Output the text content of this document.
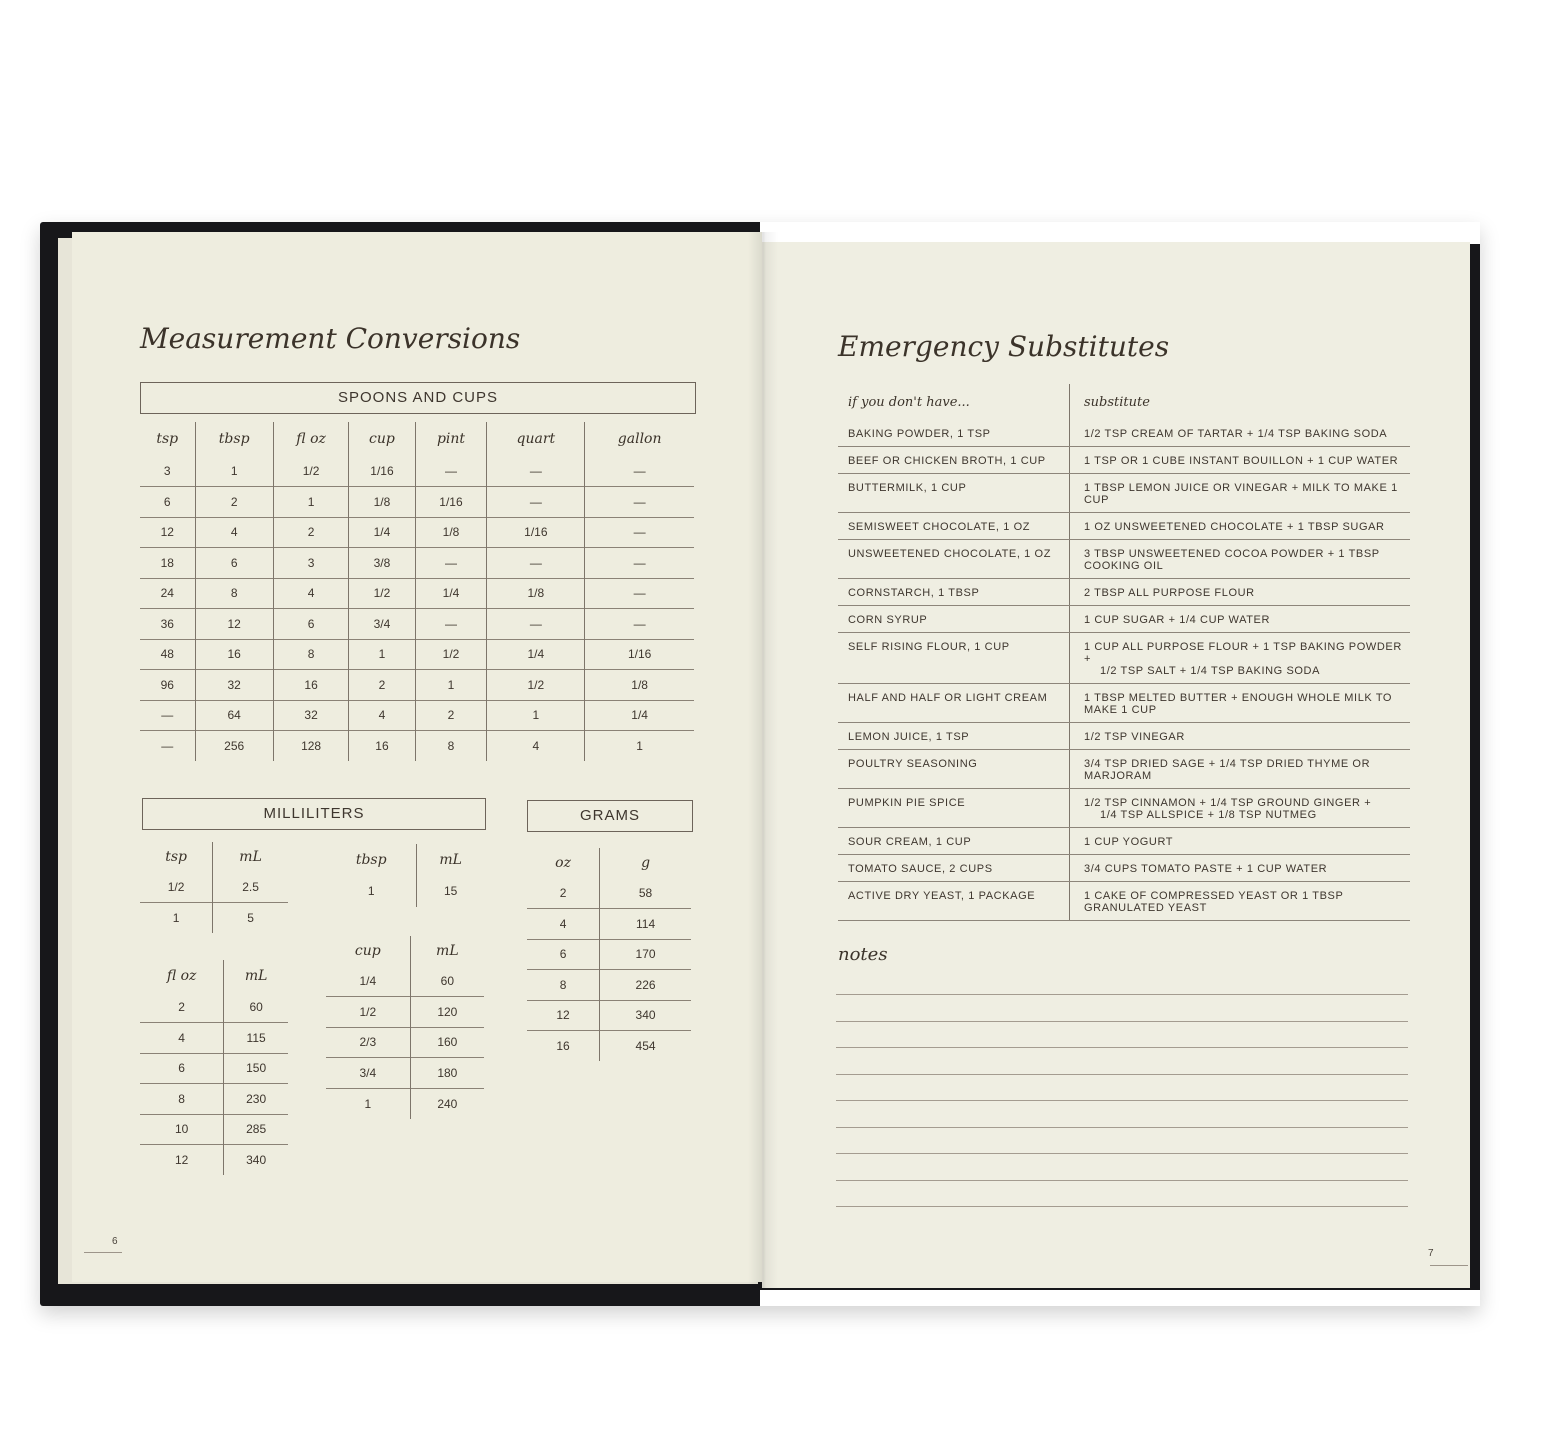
Measurement Conversions
SPOONS AND CUPS
tsp	tbsp	fl oz	cup	pint	quart	gallon
3	1	1/2	1/16	—	—	—
6	2	1	1/8	1/16	—	—
12	4	2	1/4	1/8	1/16	—
18	6	3	3/8	—	—	—
24	8	4	1/2	1/4	1/8	—
36	12	6	3/4	—	—	—
48	16	8	1	1/2	1/4	1/16
96	32	16	2	1	1/2	1/8
—	64	32	4	2	1	1/4
—	256	128	16	8	4	1
MILLILITERS	GRAMS
tsp	mL
1/2	2.5
1	5
tbsp	mL
1	15
fl oz	mL
2	60
4	115
6	150
8	230
10	285
12	340
cup	mL
1/4	60
1/2	120
2/3	160
3/4	180
1	240
oz	g
2	58
4	114
6	170
8	226
12	340
16	454
6
Emergency Substitutes
if you don't have...	substitute
BAKING POWDER, 1 TSP	1/2 TSP CREAM OF TARTAR + 1/4 TSP BAKING SODA

BEEF OR CHICKEN BROTH, 1 CUP	1 TSP OR 1 CUBE INSTANT BOUILLON + 1 CUP WATER

BUTTERMILK, 1 CUP	1 TBSP LEMON JUICE OR VINEGAR + MILK TO MAKE 1 CUP

SEMISWEET CHOCOLATE, 1 OZ	1 OZ UNSWEETENED CHOCOLATE + 1 TBSP SUGAR

UNSWEETENED CHOCOLATE, 1 OZ	3 TBSP UNSWEETENED COCOA POWDER + 1 TBSP COOKING OIL

CORNSTARCH, 1 TBSP	2 TBSP ALL PURPOSE FLOUR

CORN SYRUP	1 CUP SUGAR + 1/4 CUP WATER

SELF RISING FLOUR, 1 CUP	1 CUP ALL PURPOSE FLOUR + 1 TSP BAKING POWDER +
1/2 TSP SALT + 1/4 TSP BAKING SODA

HALF AND HALF OR LIGHT CREAM	1 TBSP MELTED BUTTER + ENOUGH WHOLE MILK TO MAKE 1 CUP

LEMON JUICE, 1 TSP	1/2 TSP VINEGAR

POULTRY SEASONING	3/4 TSP DRIED SAGE + 1/4 TSP DRIED THYME OR MARJORAM

PUMPKIN PIE SPICE	1/2 TSP CINNAMON + 1/4 TSP GROUND GINGER +
1/4 TSP ALLSPICE + 1/8 TSP NUTMEG

SOUR CREAM, 1 CUP	1 CUP YOGURT

TOMATO SAUCE, 2 CUPS	3/4 CUPS TOMATO PASTE + 1 CUP WATER

ACTIVE DRY YEAST, 1 PACKAGE	1 CAKE OF COMPRESSED YEAST OR 1 TBSP GRANULATED YEAST
notes
7
